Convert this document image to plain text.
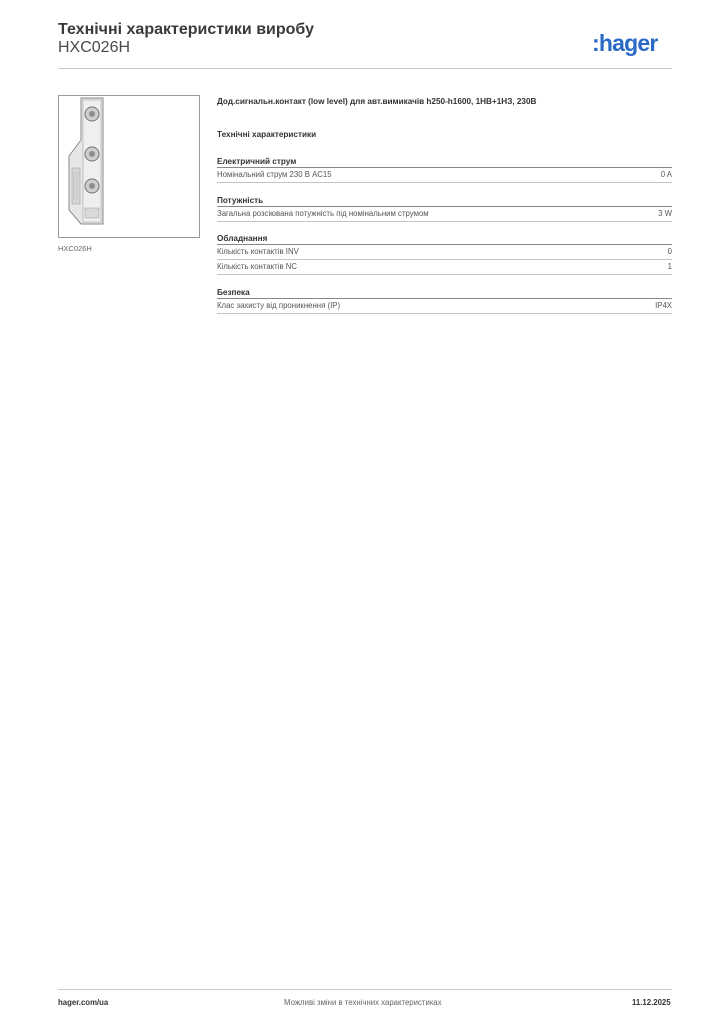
Технічні характеристики виробу
HXC026H	:hager
HXC026H
Дод.сигнальн.контакт (low level) для авт.вимикачів h250-h1600, 1НВ+1НЗ, 230В
Технічні характеристики
Електричний струм
Номінальний струм 230 В AC15	0 A
Потужність
Загальна розсіювана потужність під номінальним струмом	3 W
Обладнання
Кількість контактів INV	0
Кількість контактів NC	1
Безпека
Клас захисту від проникнення (IP)	IP4X
hager.com/ua	Можливі зміни в технічних характеристиках	11.12.2025
